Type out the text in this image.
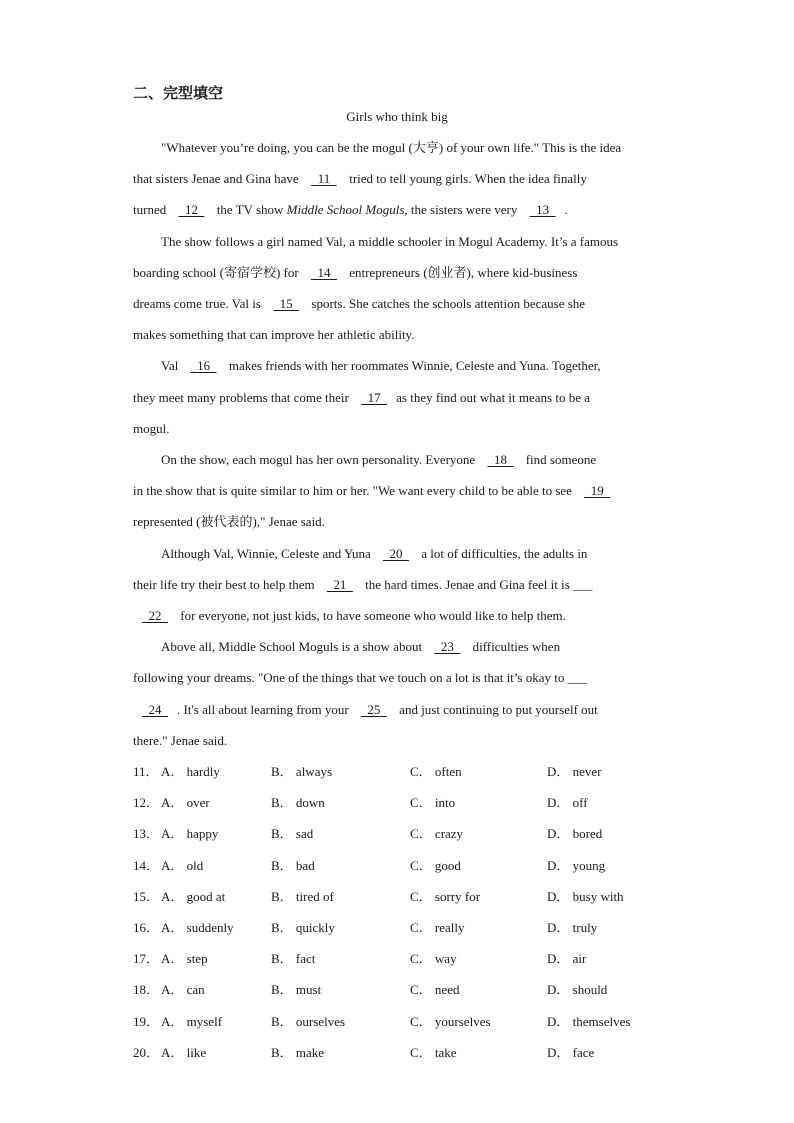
二、完型填空
Girls who think big
"Whatever you’re doing, you can be the mogul (大亨) of your own life." This is the idea
that sisters Jenae and Gina have   11   tried to tell young girls. When the idea finally
turned   12   the TV show Middle School Moguls, the sisters were very   13  .
The show follows a girl named Val, a middle schooler in Mogul Academy. It’s a famous
boarding school (寄宿学校) for   14   entrepreneurs (创业者), where kid-business
dreams come true. Val is   15   sports. She catches the schools attention because she
makes something that can improve her athletic ability.
Val   16   makes friends with her roommates Winnie, Celeste and Yuna. Together,
they meet many problems that come their   17  as they find out what it means to be a
mogul.
On the show, each mogul has her own personality. Everyone   18   find someone
in the show that is quite similar to him or her. "We want every child to be able to see   19
represented (被代表的)," Jenae said.
Although Val, Winnie, Celeste and Yuna   20   a lot of difficulties, the adults in
their life try their best to help them   21   the hard times. Jenae and Gina feel it is ___
22   for everyone, not just kids, to have someone who would like to help them.
Above all, Middle School Moguls is a show about   23   difficulties when
following your dreams. "One of the things that we touch on a lot is that it’s okay to ___
24  . It's all about learning from your   25   and just continuing to put yourself out
there." Jenae said.
11． A． hardly	B． always	C． often	D． never
12． A． over	B． down	C． into	D． off
13． A． happy	B． sad	C． crazy	D． bored
14． A． old	B． bad	C． good	D． young
15． A． good at	B． tired of	C． sorry for	D． busy with
16． A． suddenly	B． quickly	C． really	D． truly
17． A． step	B． fact	C． way	D． air
18． A． can	B． must	C． need	D． should
19． A． myself	B． ourselves	C． yourselves	D． themselves
20． A． like	B． make	C． take	D． face
